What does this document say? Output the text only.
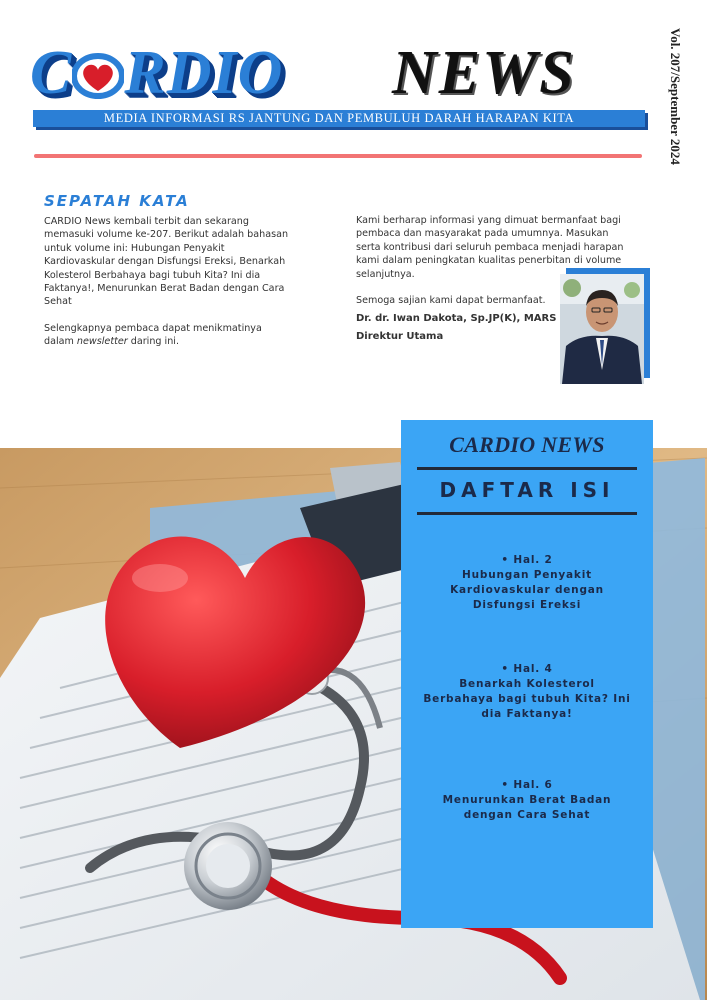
C RDIO NEWS
MEDIA INFORMASI RS JANTUNG DAN PEMBULUH DARAH HARAPAN KITA	Vol. 207/September 2024
SEPATAH KATA

CARDIO News kembali terbit dan sekarang memasuki volume ke-207. Berikut adalah bahasan untuk volume ini: Hubungan Penyakit Kardiovaskular dengan Disfungsi Ereksi, Benarkah Kolesterol Berbahaya bagi tubuh Kita? Ini dia Faktanya!, Menurunkan Berat Badan dengan Cara Sehat

Selengkapnya pembaca dapat menikmatinya dalam newsletter daring ini.

Kami berharap informasi yang dimuat bermanfaat bagi pembaca dan masyarakat pada umumnya. Masukan serta kontribusi dari seluruh pembaca menjadi harapan kami dalam peningkatan kualitas penerbitan di volume selanjutnya.

Semoga sajian kami dapat bermanfaat.

Dr. dr. Iwan Dakota, Sp.JP(K), MARS
Direktur Utama
CARDIO NEWS
DAFTAR ISI
• Hal. 2
Hubungan Penyakit Kardiovaskular dengan Disfungsi Ereksi
• Hal. 4
Benarkah Kolesterol Berbahaya bagi tubuh Kita? Ini dia Faktanya!
• Hal. 6
Menurunkan Berat Badan dengan Cara Sehat
